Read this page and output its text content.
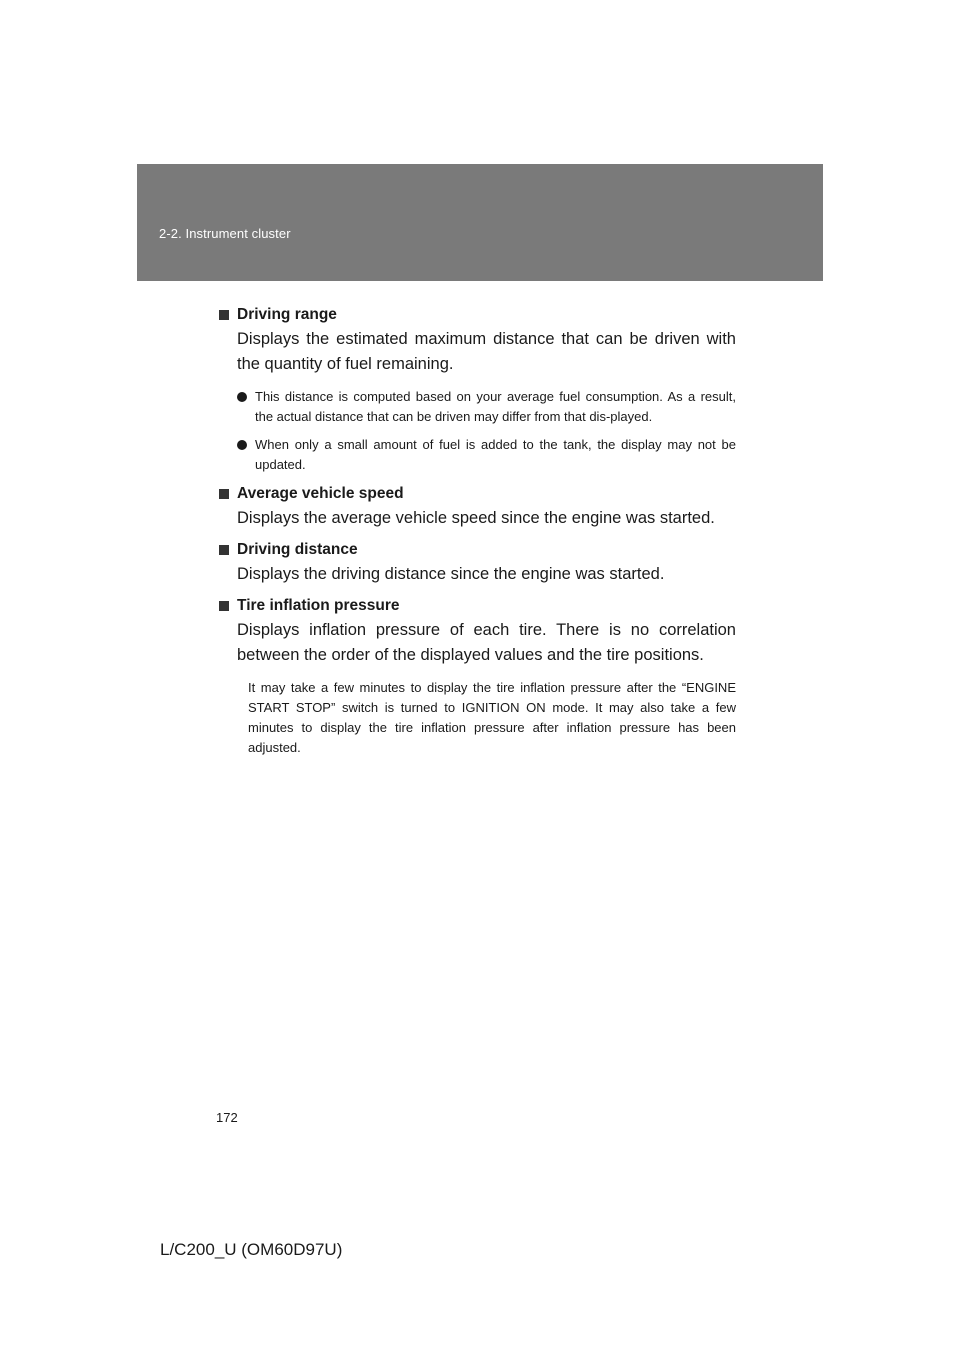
2-2. Instrument cluster
Driving range
Displays the estimated maximum distance that can be driven with the quantity of fuel remaining.
This distance is computed based on your average fuel consumption. As a result, the actual distance that can be driven may differ from that dis-played.
When only a small amount of fuel is added to the tank, the display may not be updated.
Average vehicle speed
Displays the average vehicle speed since the engine was started.
Driving distance
Displays the driving distance since the engine was started.
Tire inflation pressure
Displays inflation pressure of each tire. There is no correlation between the order of the displayed values and the tire positions.
It may take a few minutes to display the tire inflation pressure after the “ENGINE START STOP” switch is turned to IGNITION ON mode. It may also take a few minutes to display the tire inflation pressure after inflation pressure has been adjusted.
172
L/C200_U (OM60D97U)
